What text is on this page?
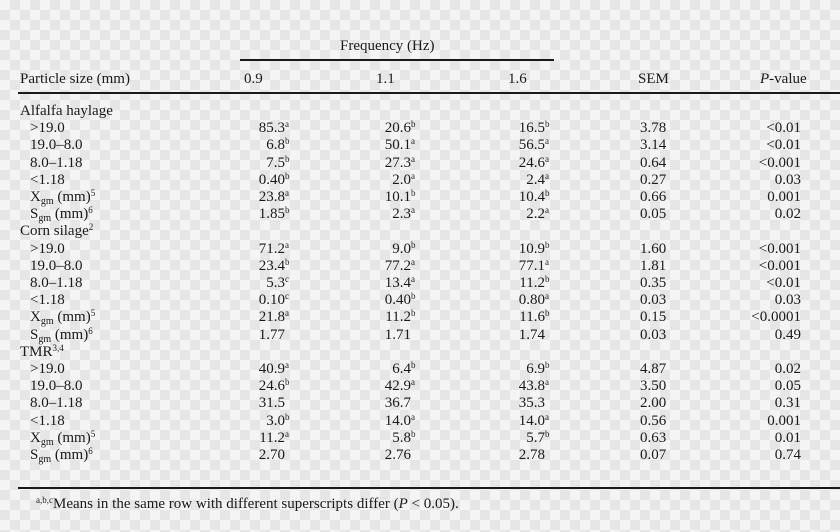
Frequency (Hz)
Particle size (mm)	0.9	1.1	1.6	SEM	P-value
Alfalfa haylage
>19.0	85.3$^a$	20.6$^b$	16.5$^b$	3.78	<0.01
19.0–8.0	6.8$^b$	50.1$^a$	56.5$^a$	3.14	<0.01
8.0–1.18	7.5$^b$	27.3$^a$	24.6$^a$	0.64	<0.001
<1.18	0.40$^b$	2.0$^a$	2.4$^a$	0.27	0.03
$X_{gm}$ (mm)$^5$	23.8$^a$	10.1$^b$	10.4$^b$	0.66	0.001
$S_{gm}$ (mm)$^6$	1.85$^b$	2.3$^a$	2.2$^a$	0.05	0.02
Corn silage$^2$
>19.0	71.2$^a$	9.0$^b$	10.9$^b$	1.60	<0.001
19.0–8.0	23.4$^b$	77.2$^a$	77.1$^a$	1.81	<0.001
8.0–1.18	5.3$^c$	13.4$^a$	11.2$^b$	0.35	<0.01
<1.18	0.10$^c$	0.40$^b$	0.80$^a$	0.03	0.03
$X_{gm}$ (mm)$^5$	21.8$^a$	11.2$^b$	11.6$^b$	0.15	<0.0001
$S_{gm}$ (mm)$^6$	1.77	1.71	1.74	0.03	0.49
TMR$^{3,4}$
>19.0	40.9$^a$	6.4$^b$	6.9$^b$	4.87	0.02
19.0–8.0	24.6$^b$	42.9$^a$	43.8$^a$	3.50	0.05
8.0–1.18	31.5	36.7	35.3	2.00	0.31
<1.18	3.0$^b$	14.0$^a$	14.0$^a$	0.56	0.001
$X_{gm}$ (mm)$^5$	11.2$^a$	5.8$^b$	5.7$^b$	0.63	0.01
$S_{gm}$ (mm)$^6$	2.70	2.76	2.78	0.07	0.74
$^{a,b,c}$Means in the same row with different superscripts differ (P < 0.05).
